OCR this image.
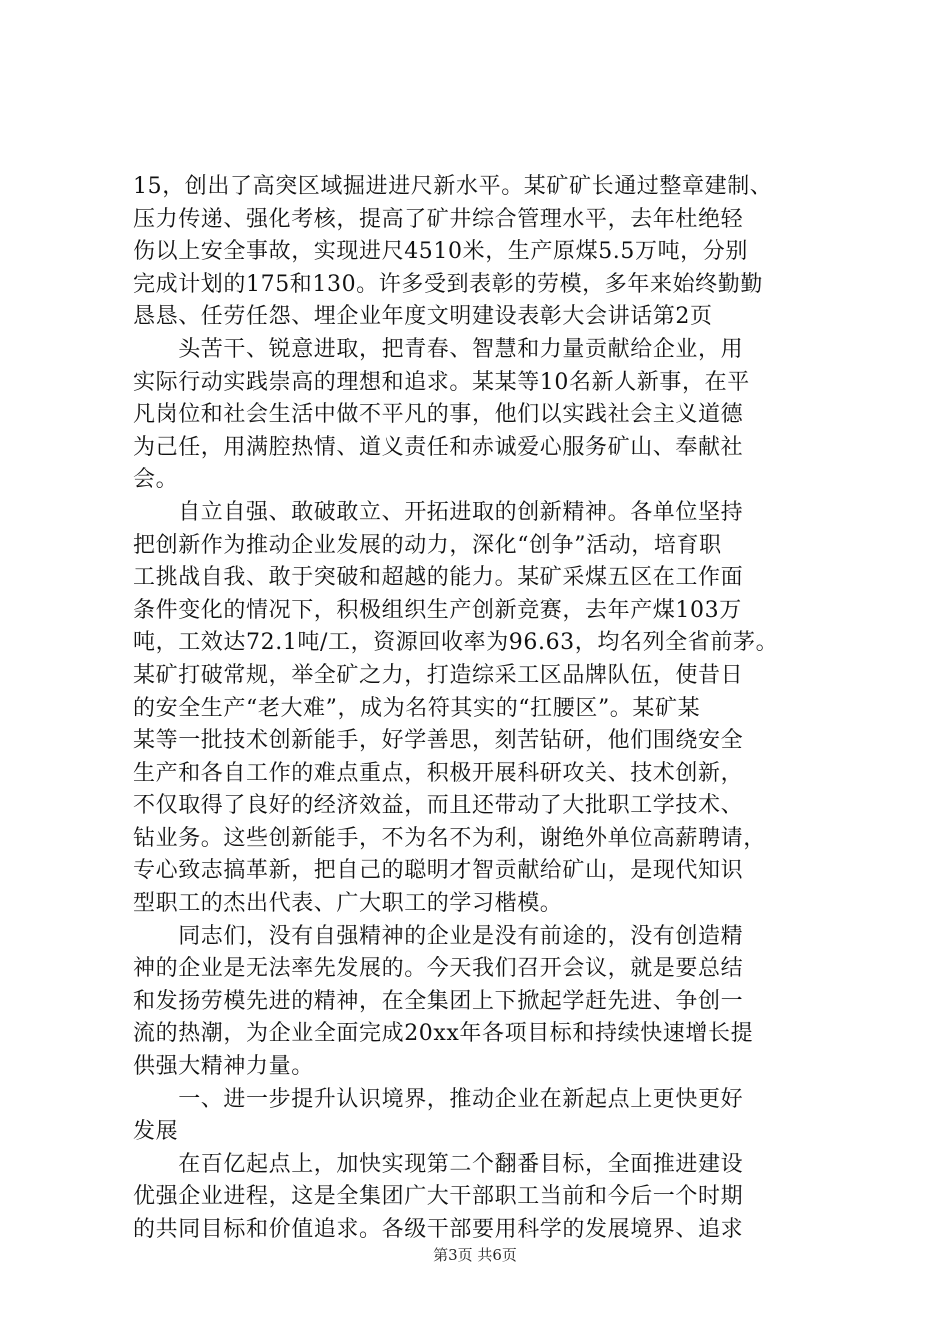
15，创出了高突区域掘进进尺新水平。某矿矿长通过整章建制、
压力传递、强化考核，提高了矿井综合管理水平，去年杜绝轻
伤以上安全事故，实现进尺4510米，生产原煤5.5万吨，分别
完成计划的175和130。许多受到表彰的劳模，多年来始终勤勤
恳恳、任劳任怨、埋企业年度文明建设表彰大会讲话第2页
　　头苦干、锐意进取，把青春、智慧和力量贡献给企业，用
实际行动实践崇高的理想和追求。某某等10名新人新事，在平
凡岗位和社会生活中做不平凡的事，他们以实践社会主义道德
为己任，用满腔热情、道义责任和赤诚爱心服务矿山、奉献社
会。
　　自立自强、敢破敢立、开拓进取的创新精神。各单位坚持
把创新作为推动企业发展的动力，深化“创争”活动，培育职
工挑战自我、敢于突破和超越的能力。某矿采煤五区在工作面
条件变化的情况下，积极组织生产创新竞赛，去年产煤103万
吨，工效达72.1吨/工，资源回收率为96.63，均名列全省前茅。
某矿打破常规，举全矿之力，打造综采工区品牌队伍，使昔日
的安全生产“老大难”，成为名符其实的“扛腰区”。某矿某
某等一批技术创新能手，好学善思，刻苦钻研，他们围绕安全
生产和各自工作的难点重点，积极开展科研攻关、技术创新，
不仅取得了良好的经济效益，而且还带动了大批职工学技术、
钻业务。这些创新能手，不为名不为利，谢绝外单位高薪聘请，
专心致志搞革新，把自己的聪明才智贡献给矿山，是现代知识
型职工的杰出代表、广大职工的学习楷模。
　　同志们，没有自强精神的企业是没有前途的，没有创造精
神的企业是无法率先发展的。今天我们召开会议，就是要总结
和发扬劳模先进的精神，在全集团上下掀起学赶先进、争创一
流的热潮，为企业全面完成20xx年各项目标和持续快速增长提
供强大精神力量。
　　一、进一步提升认识境界，推动企业在新起点上更快更好
发展
　　在百亿起点上，加快实现第二个翻番目标，全面推进建设
优强企业进程，这是全集团广大干部职工当前和今后一个时期
的共同目标和价值追求。各级干部要用科学的发展境界、追求
第3页 共6页
